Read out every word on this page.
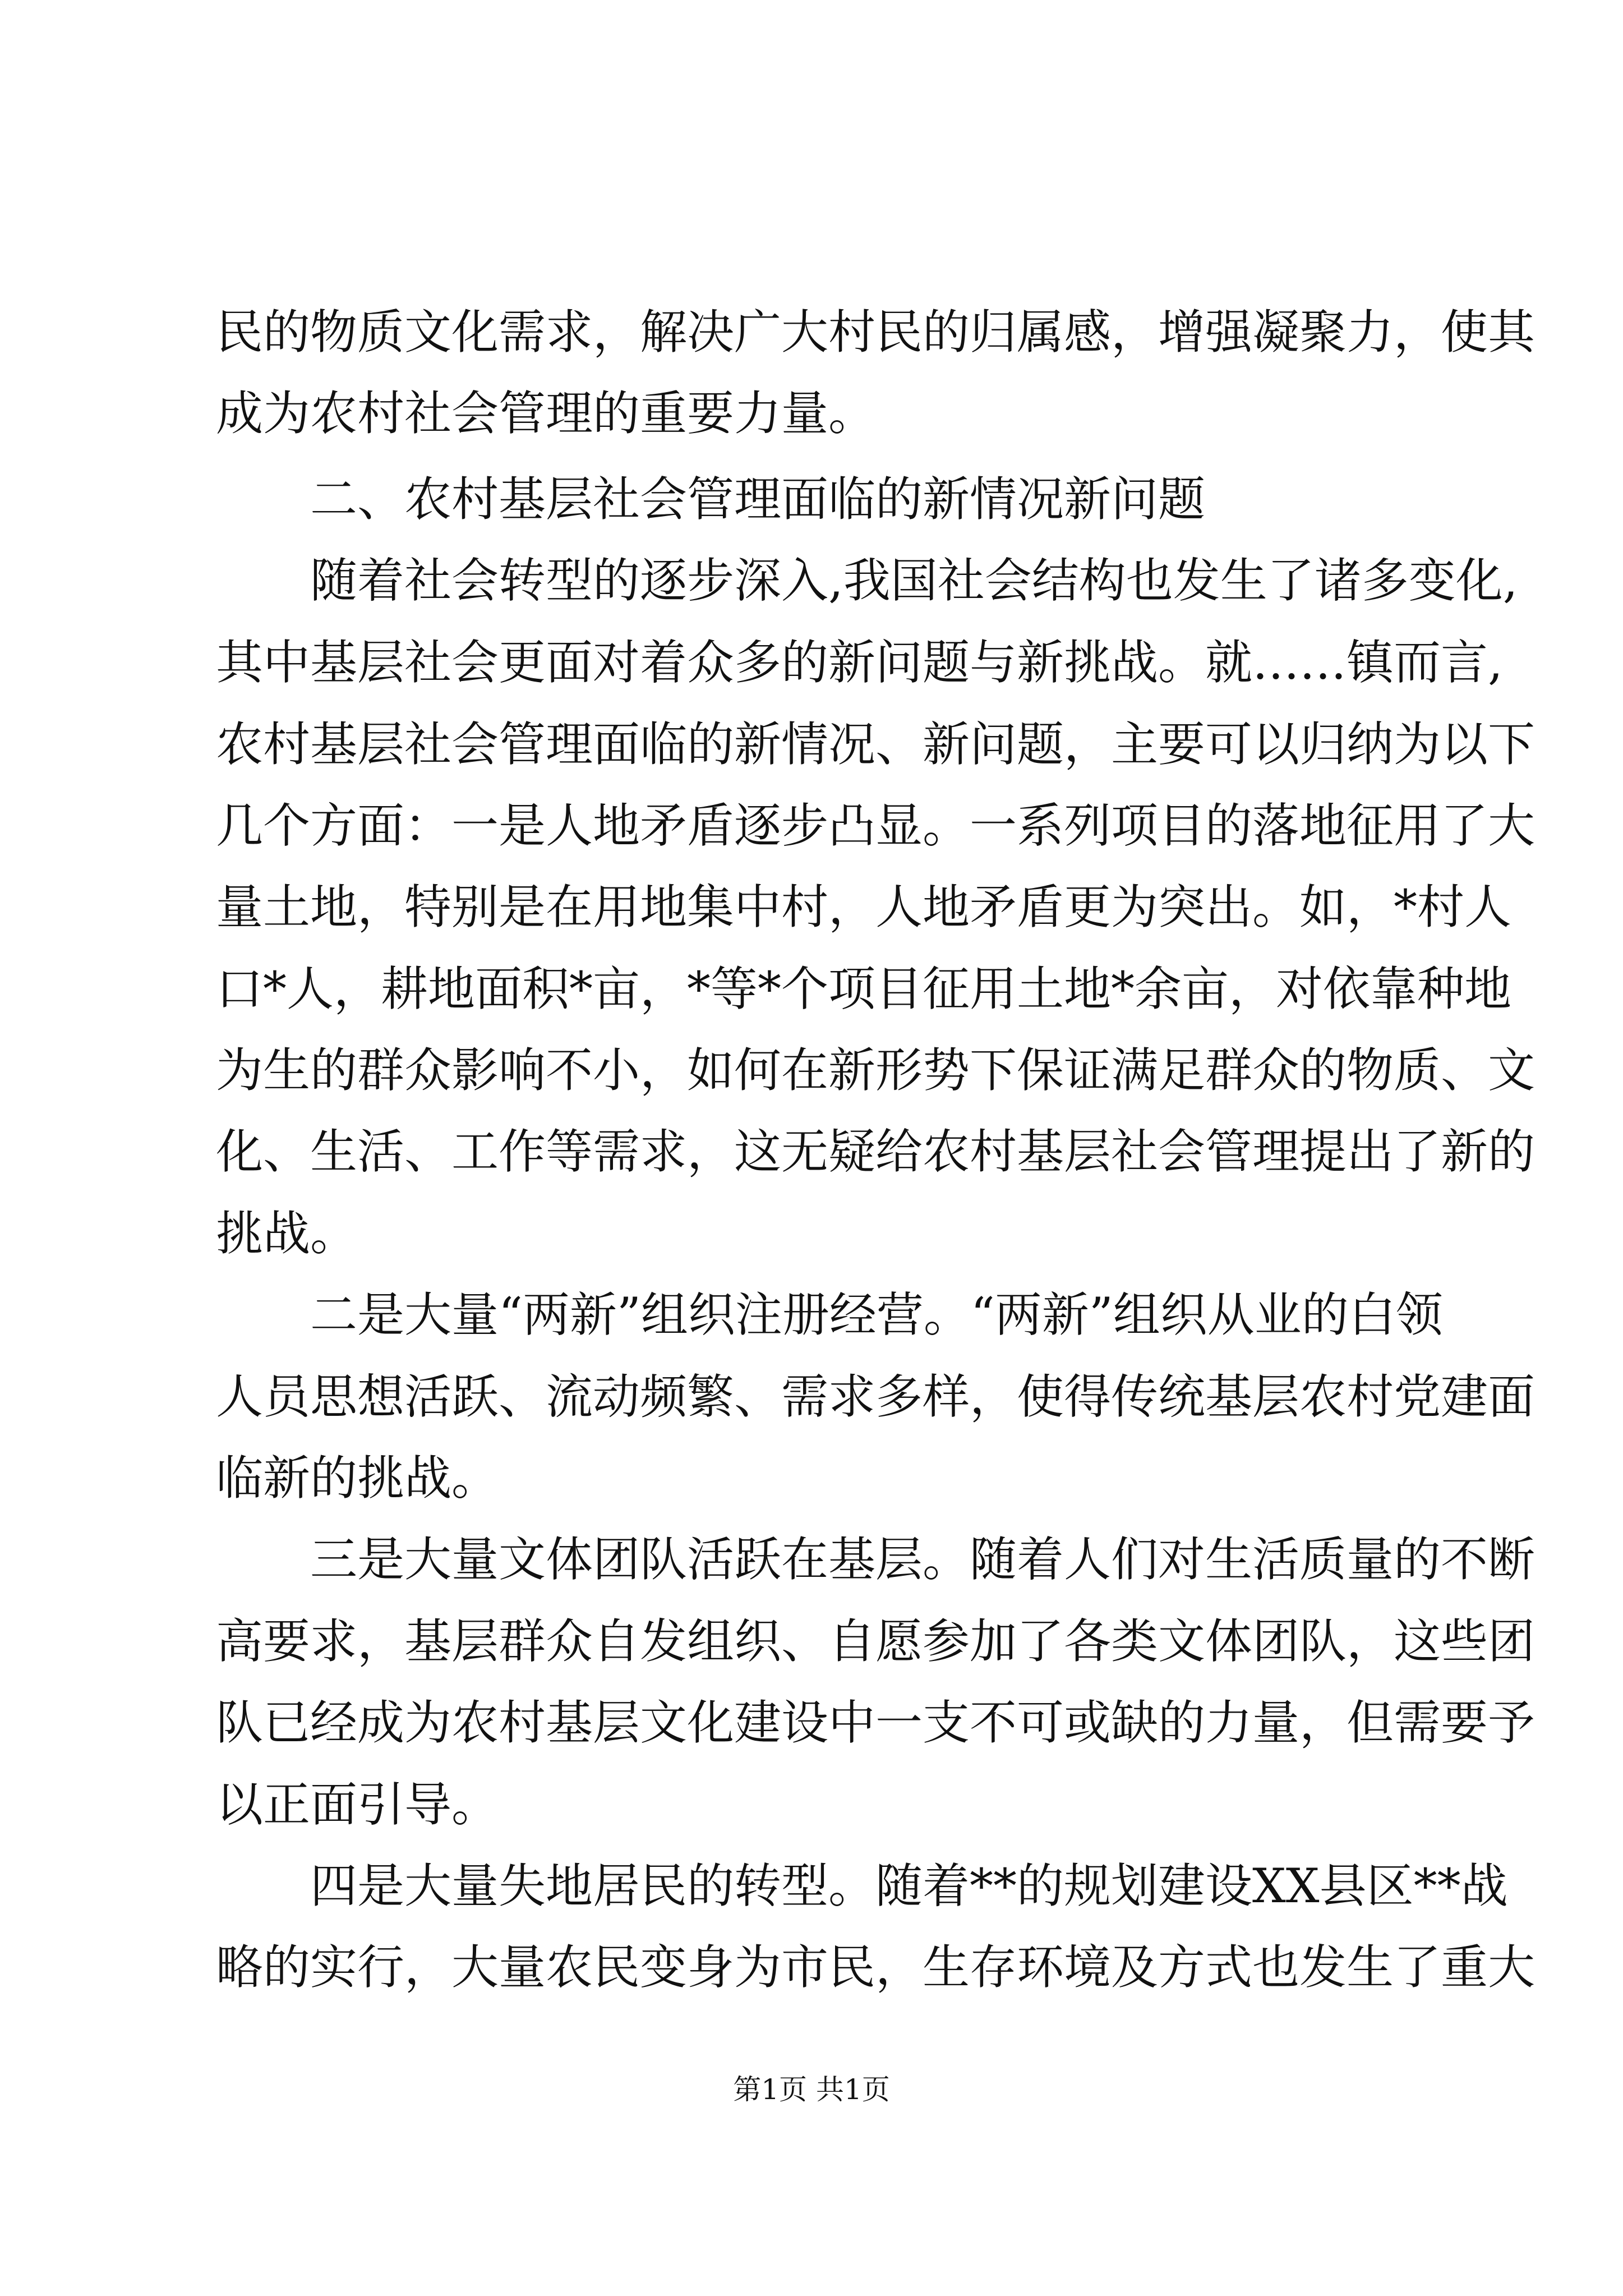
民的物质文化需求，解决广大村民的归属感，增强凝聚力，使其
成为农村社会管理的重要力量。
二、农村基层社会管理面临的新情况新问题
随着社会转型的逐步深入,我国社会结构也发生了诸多变化,
其中基层社会更面对着众多的新问题与新挑战。就……镇而言,
农村基层社会管理面临的新情况、新问题，主要可以归纳为以下
几个方面：一是人地矛盾逐步凸显。一系列项目的落地征用了大
量土地，特别是在用地集中村，人地矛盾更为突出。如，*村人
口*人，耕地面积*亩，*等*个项目征用土地*余亩，对依靠种地
为生的群众影响不小，如何在新形势下保证满足群众的物质、文
化、生活、工作等需求，这无疑给农村基层社会管理提出了新的
挑战。
二是大量“两新”组织注册经营。“两新”组织从业的白领
人员思想活跃、流动频繁、需求多样，使得传统基层农村党建面
临新的挑战。
三是大量文体团队活跃在基层。随着人们对生活质量的不断
高要求，基层群众自发组织、自愿参加了各类文体团队，这些团
队已经成为农村基层文化建设中一支不可或缺的力量，但需要予
以正面引导。
四是大量失地居民的转型。随着**的规划建设XX县区**战
略的实行，大量农民变身为市民，生存环境及方式也发生了重大
第1页 共1页
